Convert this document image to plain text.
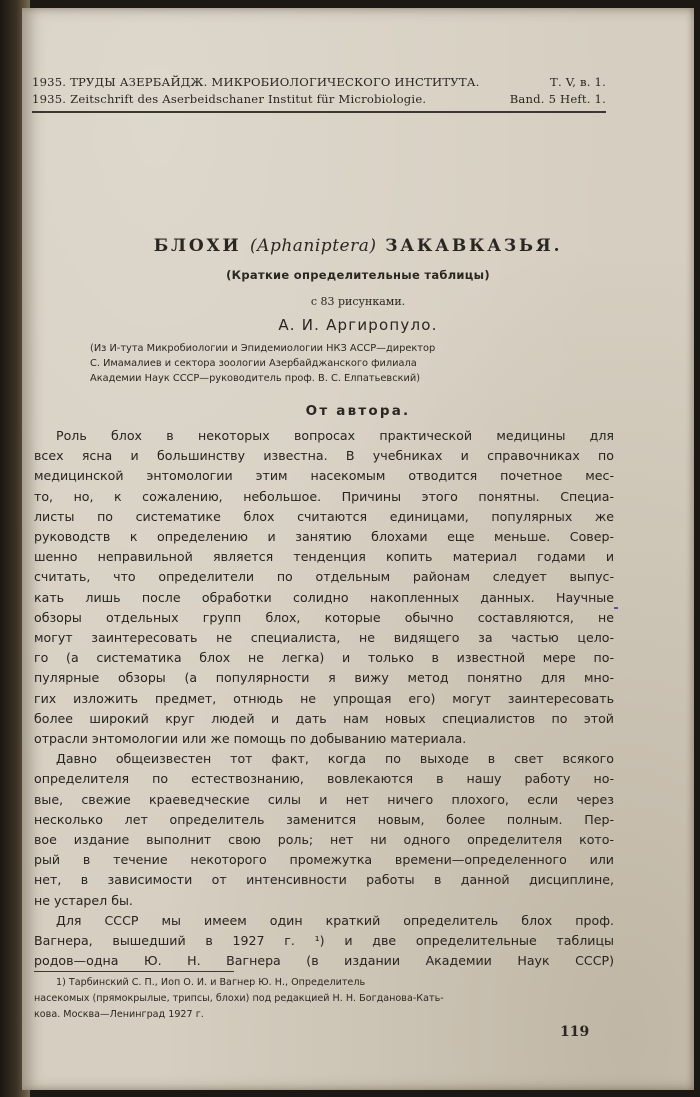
1935. ТРУДЫ АЗЕРБАЙДЖ. МИКРОБИОЛОГИЧЕСКОГО ИНСТИТУТА.	Т. V, в. 1.
1935. Zeitschrift des Aserbeidschaner Institut für Microbiologie.	Band. 5 Heft. 1.
БЛОХИ (Aphaniptera) ЗАКАВКАЗЬЯ.
(Краткие определительные таблицы)
с 83 рисунками.
А. И. Аргиропуло.
(Из И-тута Микробиологии и Эпидемиологии НКЗ АССР—директор
С. Имамалиев и сектора зоологии Азербайджанского филиала
Академии Наук СССР—руководитель проф. В. С. Елпатьевский)
От автора.
Роль блох в некоторых вопросах практической медицины для
всех ясна и большинству известна. В учебниках и справочниках по
медицинской энтомологии этим насекомым отводится почетное мес-
то, но, к сожалению, небольшое. Причины этого понятны. Специа-
листы по систематике блох считаются единицами, популярных же
руководств к определению и занятию блохами еще меньше. Совер-
шенно неправильной является тенденция копить материал годами и
считать, что определители по отдельным районам следует выпус-
кать лишь после обработки солидно накопленных данных. Научные
обзоры отдельных групп блох, которые обычно составляются, не
могут заинтересовать не специалиста, не видящего за частью цело-
го (а систематика блох не легка) и только в известной мере по-
пулярные обзоры (а популярности я вижу метод понятно для мно-
гих изложить предмет, отнюдь не упрощая его) могут заинтересовать
более широкий круг людей и дать нам новых специалистов по этой
отрасли энтомологии или же помощь по добыванию материала.
Давно общеизвестен тот факт, когда по выходе в свет всякого
определителя по естествознанию, вовлекаются в нашу работу но-
вые, свежие краеведческие силы и нет ничего плохого, если через
несколько лет определитель заменится новым, более полным. Пер-
вое издание выполнит свою роль; нет ни одного определителя кото-
рый в течение некоторого промежутка времени—определенного или
нет, в зависимости от интенсивности работы в данной дисциплине,
не устарел бы.
Для СССР мы имеем один краткий определитель блох проф.
Вагнера, вышедший в 1927 г. ¹) и две определительные таблицы
родов—одна Ю. Н. Вагнера (в издании Академии Наук СССР)
1) Тарбинский С. П., Иоп О. И. и Вагнер Ю. Н., Определитель
насекомых (прямокрылые, трипсы, блохи) под редакцией Н. Н. Богданова-Кать-
кова. Москва—Ленинград 1927 г.
119
